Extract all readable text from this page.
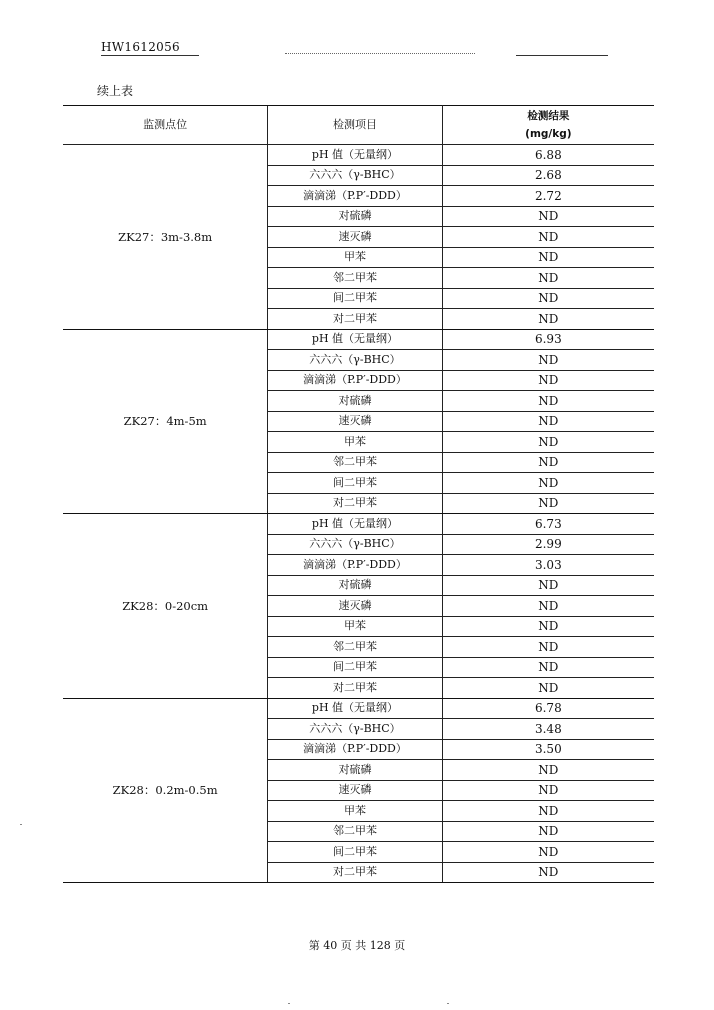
HW1612056
续上表
监测点位	检测项目	检测结果
(mg/kg)

ZK27：3m-3.8m	pH 值（无量纲）	6.88
	六六六（γ-BHC）	2.68
	滴滴涕（P.P′-DDD）	2.72
	对硫磷	ND
	速灭磷	ND
	甲苯	ND
	邻二甲苯	ND
	间二甲苯	ND
	对二甲苯	ND
ZK27：4m-5m	pH 值（无量纲）	6.93
	六六六（γ-BHC）	ND
	滴滴涕（P.P′-DDD）	ND
	对硫磷	ND
	速灭磷	ND
	甲苯	ND
	邻二甲苯	ND
	间二甲苯	ND
	对二甲苯	ND
ZK28：0-20cm	pH 值（无量纲）	6.73
	六六六（γ-BHC）	2.99
	滴滴涕（P.P′-DDD）	3.03
	对硫磷	ND
	速灭磷	ND
	甲苯	ND
	邻二甲苯	ND
	间二甲苯	ND
	对二甲苯	ND
ZK28：0.2m-0.5m	pH 值（无量纲）	6.78
	六六六（γ-BHC）	3.48
	滴滴涕（P.P′-DDD）	3.50
	对硫磷	ND
	速灭磷	ND
	甲苯	ND
	邻二甲苯	ND
	间二甲苯	ND
	对二甲苯	ND
第 40 页 共 128 页
